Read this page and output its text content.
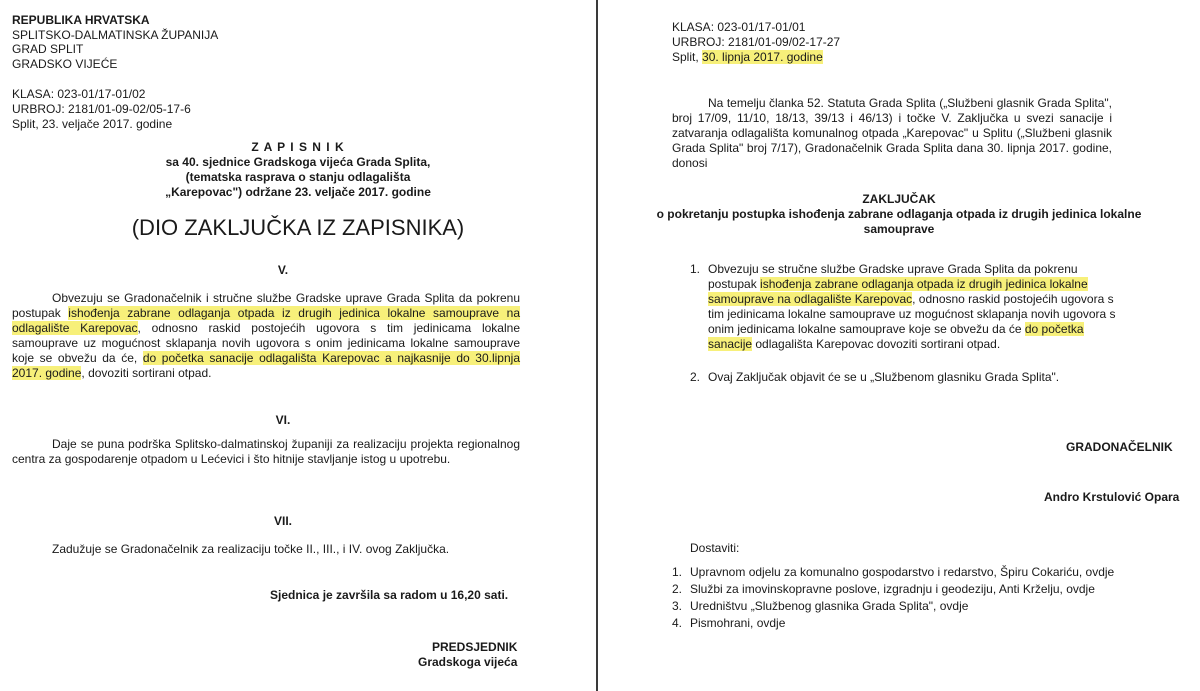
REPUBLIKA HRVATSKA
SPLITSKO-DALMATINSKA ŽUPANIJA
GRAD SPLIT
GRADSKO VIJEĆE
KLASA: 023-01/17-01/02
URBROJ: 2181/01-09-02/05-17-6
Split, 23. veljače 2017. godine
Z A P I S N I K
sa 40. sjednice Gradskoga vijeća Grada Splita,
(tematska rasprava o stanju odlagališta
„Karepovac") održane 23. veljače 2017. godine
(DIO ZAKLJUČKA IZ ZAPISNIKA)
V.
Obvezuju se Gradonačelnik i stručne službe Gradske uprave Grada Splita da pokrenu postupak ishođenja zabrane odlaganja otpada iz drugih jedinica lokalne samouprave na odlagalište Karepovac, odnosno raskid postojećih ugovora s tim jedinicama lokalne samouprave uz mogućnost sklapanja novih ugovora s onim jedinicama lokalne samouprave koje se obvežu da će, do početka sanacije odlagališta Karepovac a najkasnije do 30.lipnja 2017. godine, dovoziti sortirani otpad.
VI.
Daje se puna podrška Splitsko-dalmatinskoj županiji za realizaciju projekta regionalnog centra za gospodarenje otpadom u Lećevici i što hitnije stavljanje istog u upotrebu.
VII.
Zadužuje se Gradonačelnik za realizaciju točke II., III., i IV. ovog Zaključka.
Sjednica je završila sa radom u 16,20 sati.
PREDSJEDNIK
Gradskoga vijeća
KLASA: 023-01/17-01/01
URBROJ: 2181/01-09/02-17-27
Split, 30. lipnja 2017. godine
Na temelju članka 52. Statuta Grada Splita („Službeni glasnik Grada Splita", broj 17/09, 11/10, 18/13, 39/13 i 46/13) i točke V. Zaključka u svezi sanacije i zatvaranja odlagališta komunalnog otpada „Karepovac" u Splitu („Službeni glasnik Grada Splita" broj 7/17), Gradonačelnik Grada Splita dana 30. lipnja 2017. godine, donosi
ZAKLJUČAK
o pokretanju postupka ishođenja zabrane odlaganja otpada iz drugih jedinica lokalne
samouprave
1. Obvezuju se stručne službe Gradske uprave Grada Splita da pokrenu postupak ishođenja zabrane odlaganja otpada iz drugih jedinica lokalne samouprave na odlagalište Karepovac, odnosno raskid postojećih ugovora s tim jedinicama lokalne samouprave uz mogućnost sklapanja novih ugovora s onim jedinicama lokalne samouprave koje se obvežu da će do početka sanacije odlagališta Karepovac dovoziti sortirani otpad.
2. Ovaj Zaključak objavit će se u „Službenom glasniku Grada Splita".
GRADONAČELNIK
Andro Krstulović Opara
Dostaviti:
1. Upravnom odjelu za komunalno gospodarstvo i redarstvo, Špiru Cokariću, ovdje
2. Službi za imovinskopravne poslove, izgradnju i geodeziju, Anti Krželju, ovdje
3. Uredništvu „Službenog glasnika Grada Splita", ovdje
4. Pismohrani, ovdje
